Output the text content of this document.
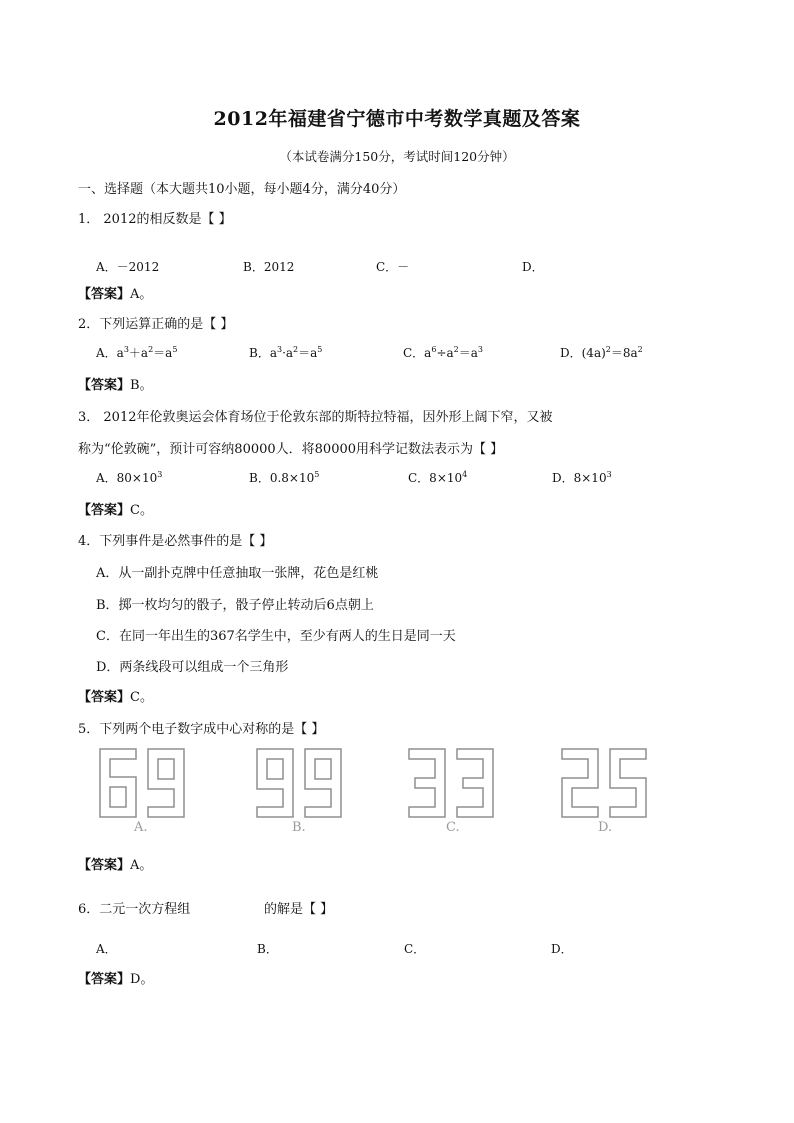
2012年福建省宁德市中考数学真题及答案
（本试卷满分150分，考试时间120分钟）
一、选择题（本大题共10小题，每小题4分，满分40分）
1． 2012的相反数是【 】
A．－2012	B．2012	C．－	D．
【答案】A。
2．下列运算正确的是【 】
A．$a^3+a^2=a^5$	B．$a^3\cdot a^2=a^5$	C．$a^6\div a^2=a^3$	D．$(4a)^2=8a^2$
【答案】B。
3． 2012年伦敦奥运会体育场位于伦敦东部的斯特拉特福，因外形上阔下窄，又被
称为“伦敦碗”，预计可容纳80000人．将80000用科学记数法表示为【 】
A．$80\times 10^3$	B．$0.8\times 10^5$	C．$8\times 10^4$	D．$8\times 10^3$
【答案】C。
4．下列事件是必然事件的是【 】
A．从一副扑克牌中任意抽取一张牌，花色是红桃
B．掷一枚均匀的骰子，骰子停止转动后6点朝上
C．在同一年出生的367名学生中，至少有两人的生日是同一天
D．两条线段可以组成一个三角形
【答案】C。
5．下列两个电子数字成中心对称的是【 】
A.	B.	C.	D.
【答案】A。
6．二元一次方程组	的解是【 】
A．	B．	C．	D．
【答案】D。
